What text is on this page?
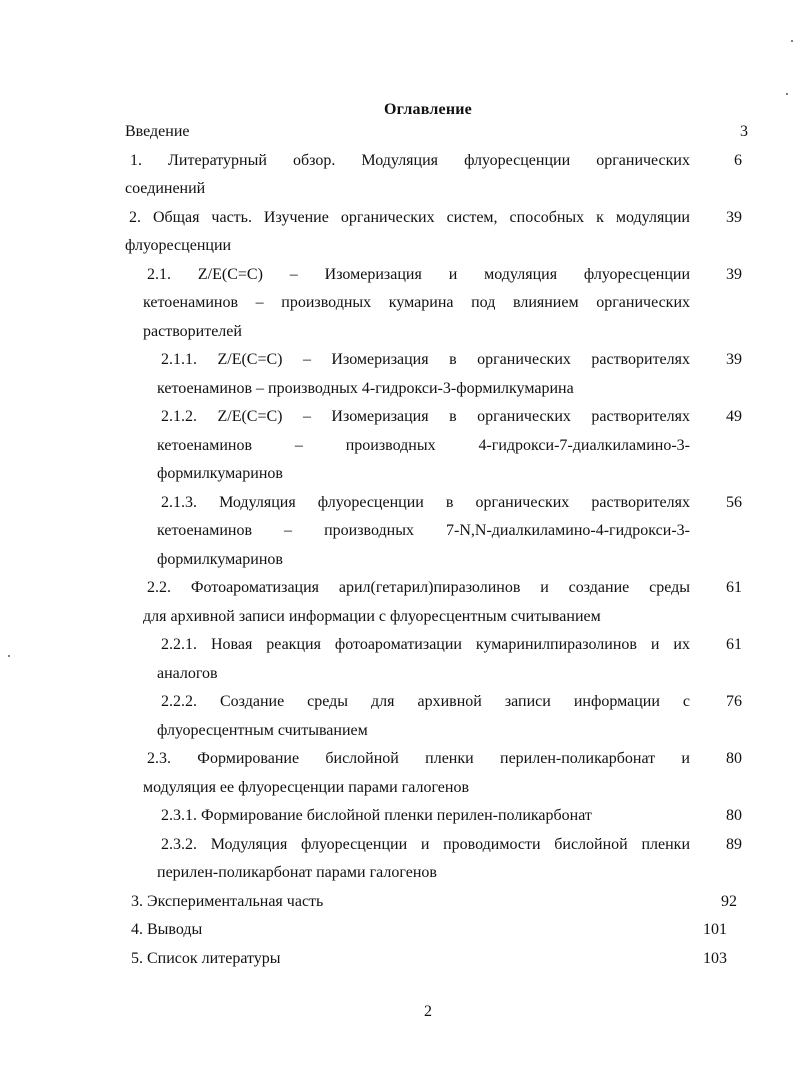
Оглавление
Введение	3
1. Литературный обзор. Модуляция флуоресценции органических	6
соединений
2. Общая часть. Изучение органических систем, способных к модуляции	39
флуоресценции
2.1. Z/E(C=C) – Изомеризация и модуляция флуоресценции	39
кетоенаминов – производных кумарина под влиянием органических
растворителей
2.1.1. Z/E(C=C) – Изомеризация в органических растворителях	39
кетоенаминов – производных 4-гидрокси-3-формилкумарина
2.1.2. Z/E(C=C) – Изомеризация в органических растворителях	49
кетоенаминов – производных 4-гидрокси-7-диалкиламино-3-
формилкумаринов
2.1.3. Модуляция флуоресценции в органических растворителях	56
кетоенаминов – производных 7-N,N-диалкиламино-4-гидрокси-3-
формилкумаринов
2.2. Фотоароматизация арил(гетарил)пиразолинов и создание среды	61
для архивной записи информации с флуоресцентным считыванием
2.2.1. Новая реакция фотоароматизации кумаринилпиразолинов и их	61
аналогов
2.2.2. Создание среды для архивной записи информации с	76
флуоресцентным считыванием
2.3. Формирование бислойной пленки перилен-поликарбонат и	80
модуляция ее флуоресценции парами галогенов
2.3.1. Формирование бислойной пленки перилен-поликарбонат	80
2.3.2. Модуляция флуоресценции и проводимости бислойной пленки	89
перилен-поликарбонат парами галогенов
3. Экспериментальная часть	92
4. Выводы	101
5. Список литературы	103
2
